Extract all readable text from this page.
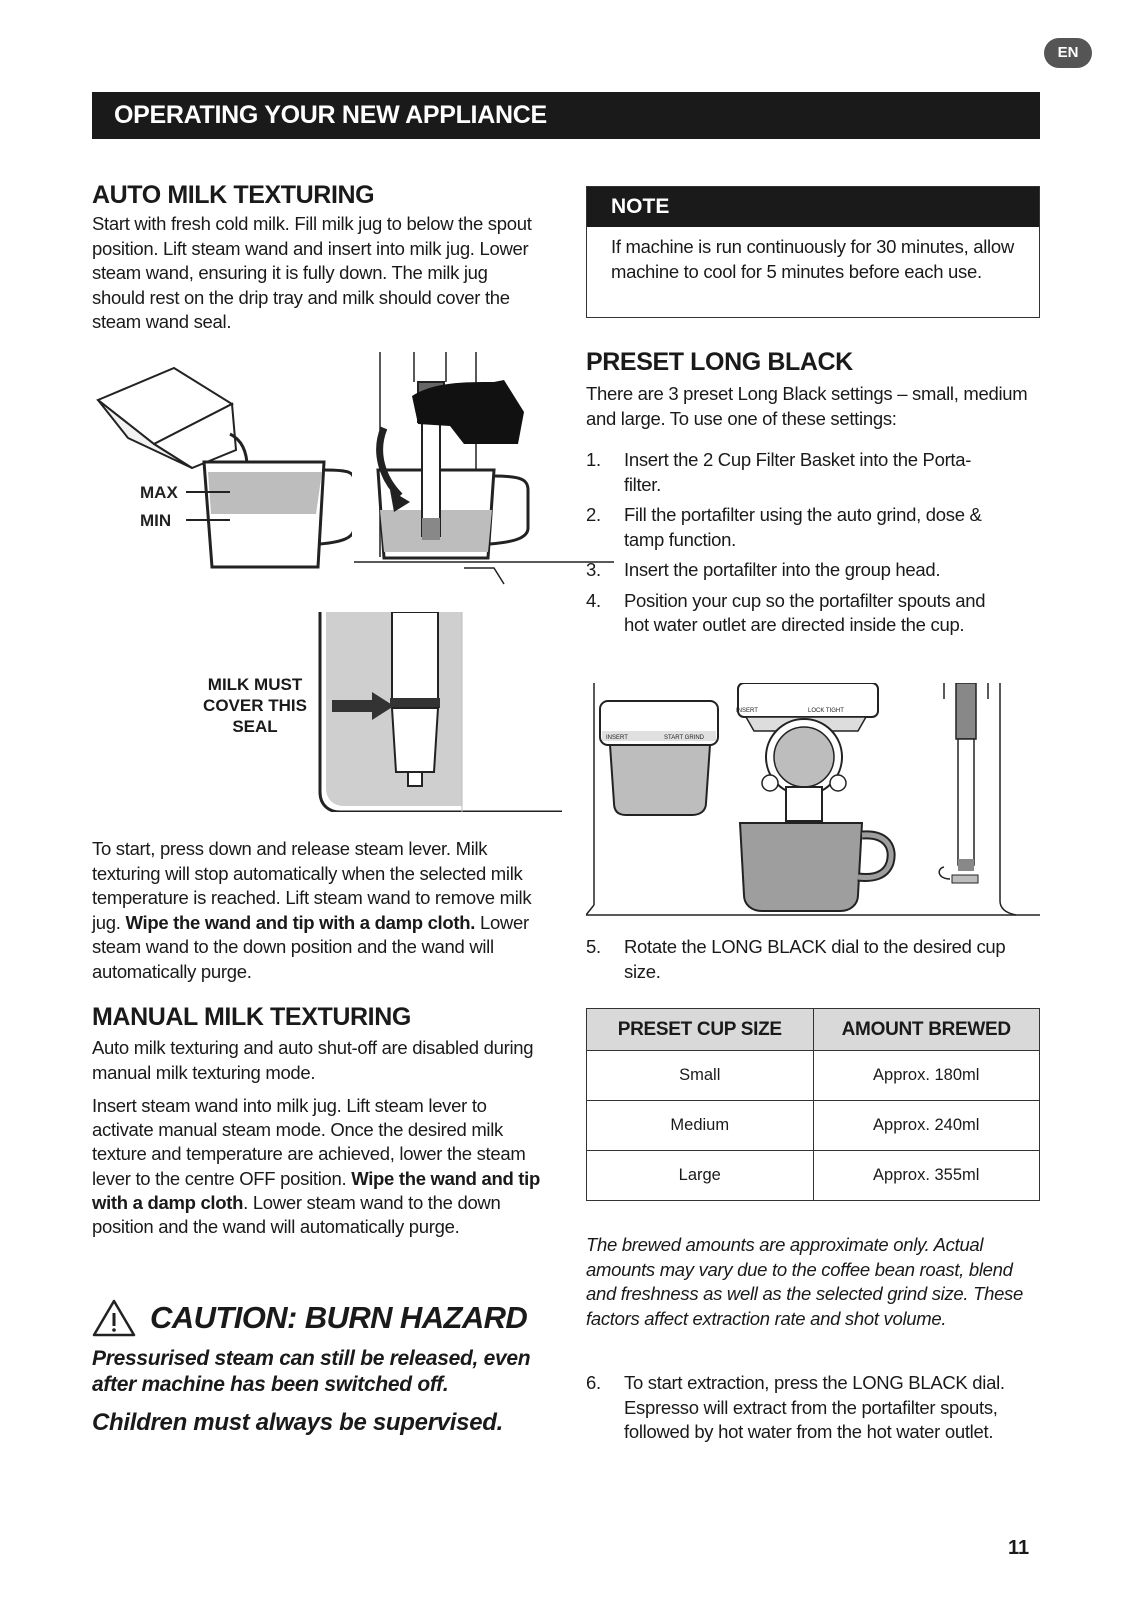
EN
OPERATING YOUR NEW APPLIANCE
AUTO MILK TEXTURING

Start with fresh cold milk. Fill milk jug to below the spout position. Lift steam wand and insert into milk jug. Lower steam wand, ensuring it is fully down. The milk jug should rest on the drip tray and milk should cover the steam wand seal.

MAX
MIN
MILK MUST
COVER THIS
SEAL

To start, press down and release steam lever. Milk texturing will stop automatically when the selected milk temperature is reached. Lift steam wand to remove milk jug. Wipe the wand and tip with a damp cloth. Lower steam wand to the down position and the wand will automatically purge.

MANUAL MILK TEXTURING

Auto milk texturing and auto shut-off are disabled during manual milk texturing mode.

Insert steam wand into milk jug. Lift steam lever to activate manual steam mode. Once the desired milk texture and temperature are achieved, lower the steam lever to the centre OFF position. Wipe the wand and tip with a damp cloth. Lower steam wand to the down position and the wand will automatically purge.

CAUTION: BURN HAZARD
Pressurised steam can still be released, even after machine has been switched off.
Children must always be supervised.
NOTE

If machine is run continuously for 30 minutes, allow machine to cool for 5 minutes before each use.

PRESET LONG BLACK

There are 3 preset Long Black settings – small, medium and large. To use one of these settings:

1. Insert the 2 Cup Filter Basket into the Porta-filter.
2. Fill the portafilter using the auto grind, dose & tamp function.
3. Insert the portafilter into the group head.
4. Position your cup so the portafilter spouts and hot water outlet are directed inside the cup.
INSERT	START GRIND
INSERT	LOCK TIGHT
5. Rotate the LONG BLACK dial to the desired cup size.
PRESET CUP SIZE	AMOUNT BREWED
Small	Approx. 180ml
Medium	Approx. 240ml
Large	Approx. 355ml

The brewed amounts are approximate only. Actual amounts may vary due to the coffee bean roast, blend and freshness as well as the selected grind size. These factors affect extraction rate and shot volume.

6. To start extraction, press the LONG BLACK dial. Espresso will extract from the portafilter spouts, followed by hot water from the hot water outlet.
11
